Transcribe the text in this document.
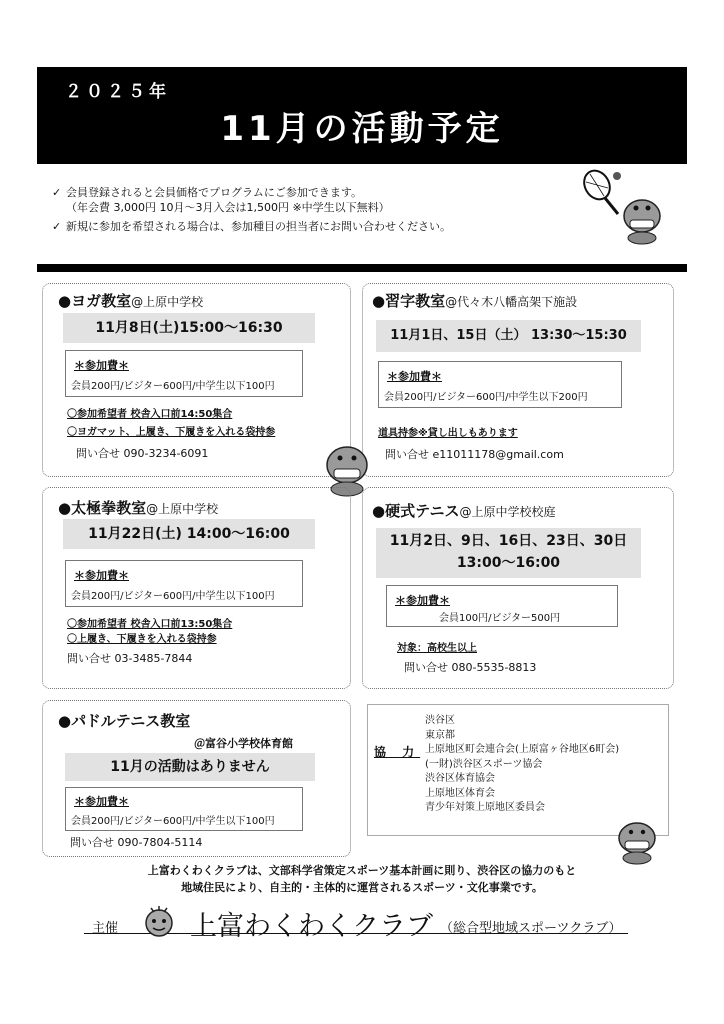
２０２５年
11月の活動予定
✓ 会員登録されると会員価格でプログラムにご参加できます。
（年会費 3,000円 10月～3月入会は1,500円 ※中学生以下無料）
✓ 新規に参加を希望される場合は、参加種目の担当者にお問い合わせください。
●ヨガ教室@上原中学校
11月8日(土)15:00～16:30
＊参加費＊
会員200円/ビジター600円/中学生以下100円
〇参加希望者 校舎入口前14:50集合
〇ヨガマット、上履き、下履きを入れる袋持参
問い合せ 090-3234-6091
●習字教室@代々木八幡高架下施設
11月1日、15日（土） 13:30～15:30
＊参加費＊
会員200円/ビジター600円/中学生以下200円
道具持参※貸し出しもあります
問い合せ e11011178@gmail.com
●太極拳教室@上原中学校
11月22日(土) 14:00～16:00
＊参加費＊
会員200円/ビジター600円/中学生以下100円
〇参加希望者 校舎入口前13:50集合
〇上履き、下履きを入れる袋持参
問い合せ 03-3485-7844
●硬式テニス@上原中学校校庭
11月2日、9日、16日、23日、30日
13:00～16:00
＊参加費＊
会員100円/ビジター500円
対象：高校生以上
問い合せ 080-5535-8813
●パドルテニス教室
＠富谷小学校体育館
11月の活動はありません
＊参加費＊
会員200円/ビジター600円/中学生以下100円
問い合せ 090-7804-5114
協 力
渋谷区
東京都
上原地区町会連合会(上原富ヶ谷地区6町会)
(一財)渋谷区スポーツ協会
渋谷区体育協会
上原地区体育会
青少年対策上原地区委員会
上富わくわくクラブは、文部科学省策定スポーツ基本計画に則り、渋谷区の協力のもと
地域住民により、自主的・主体的に運営されるスポーツ・文化事業です。
主催	上富わくわくクラブ （総合型地域スポーツクラブ）
